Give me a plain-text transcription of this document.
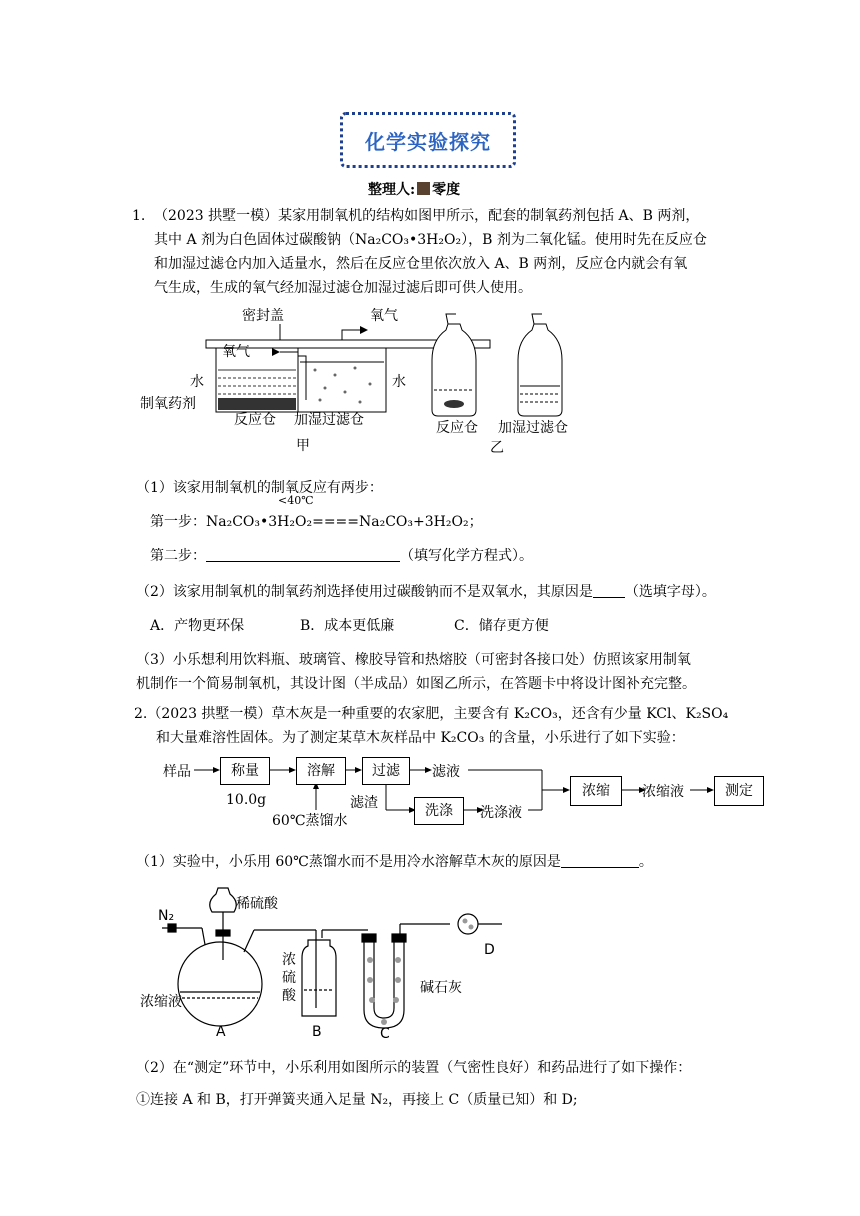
化学实验探究
整理人: 零度
1. （2023 拱墅一模）某家用制氧机的结构如图甲所示，配套的制氧药剂包括 A、B 两剂，
其中 A 剂为白色固体过碳酸钠（Na₂CO₃•3H₂O₂），B 剂为二氧化锰。使用时先在反应仓
和加湿过滤仓内加入适量水，然后在反应仓里依次放入 A、B 两剂，反应仓内就会有氧
气生成，生成的氧气经加湿过滤仓加湿过滤后即可供人使用。
密封盖	氧气
氧气
水	水
制氧药剂
反应仓 加湿过滤仓
甲
反应仓 加湿过滤仓
乙
（1）该家用制氧机的制氧反应有两步：
<40℃
第一步：Na₂CO₃•3H₂O₂====Na₂CO₃+3H₂O₂；
第二步：	（填写化学方程式）。
（2）该家用制氧机的制氧药剂选择使用过碳酸钠而不是双氧水，其原因是 （选填字母）。
A．产物更环保	B．成本更低廉	C．储存更方便
（3）小乐想利用饮料瓶、玻璃管、橡胶导管和热熔胶（可密封各接口处）仿照该家用制氧
机制作一个简易制氧机，其设计图（半成品）如图乙所示，在答题卡中将设计图补充完整。
2.（2023 拱墅一模）草木灰是一种重要的农家肥，主要含有 K₂CO₃，还含有少量 KCl、K₂SO₄
和大量难溶性固体。为了测定某草木灰样品中 K₂CO₃ 的含量，小乐进行了如下实验：
样品	称量
10.0g
溶解
60℃蒸馏水
过滤	滤液
滤渣	洗涤	洗涤液
浓缩	浓缩液	测定
（1）实验中，小乐用 60℃蒸馏水而不是用冷水溶解草木灰的原因是	。
N₂
稀硫酸
浓缩液
浓
硫
酸	碱石灰
A	B	C
D
（2）在“测定”环节中，小乐利用如图所示的装置（气密性良好）和药品进行了如下操作：
①连接 A 和 B，打开弹簧夹通入足量 N₂，再接上 C（质量已知）和 D;
